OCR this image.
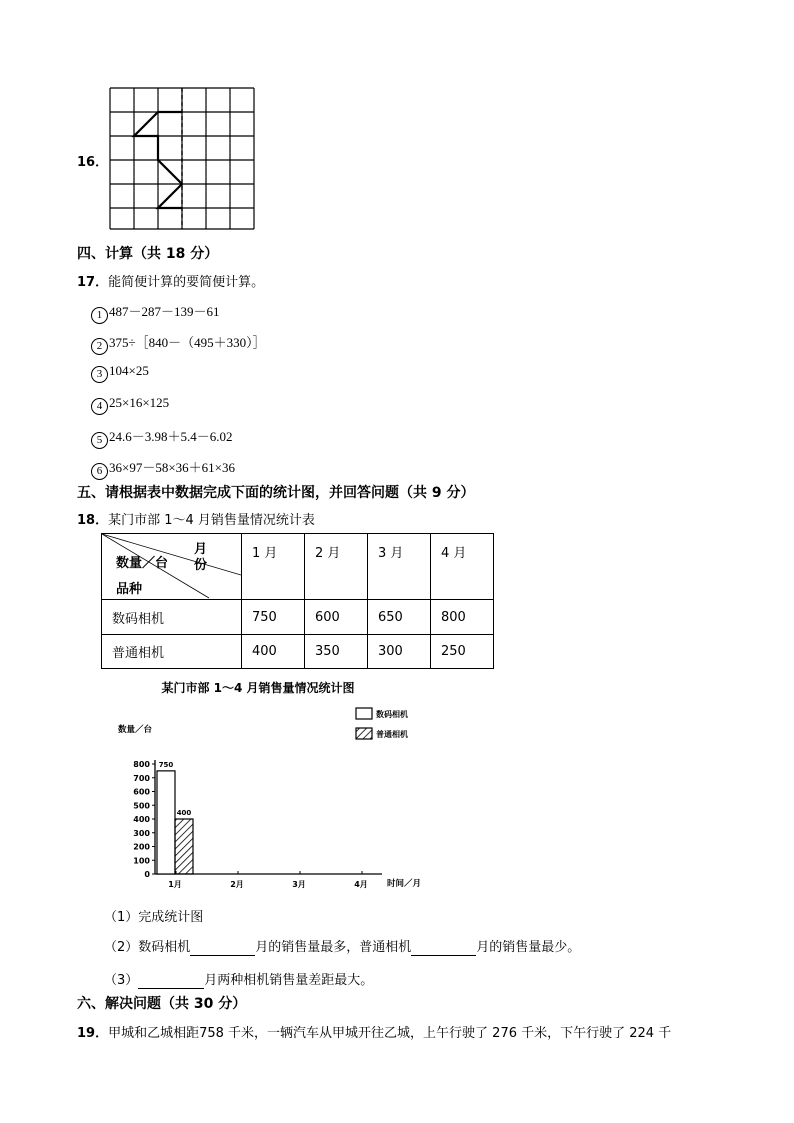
16．
四、计算（共 18 分）
17．能简便计算的要简便计算。
1 487－287－139－61
2 375÷［840－（495＋330）］
3 104×25
4 25×16×125
5 24.6－3.98＋5.4－6.02
6 36×97－58×36＋61×36
五、请根据表中数据完成下面的统计图，并回答问题（共 9 分）
18．某门市部 1～4 月销售量情况统计表
月
份
数量／台
品种	1 月	2 月	3 月	4 月
数码相机	750	600	650	800
普通相机	400	350	300	250
某门市部 1～4 月销售量情况统计图
数量／台
时间／月
数码相机
普通相机
0
100
200
300
400
500
600
700
800
1月	2月	3月	4月
750
400
（1）完成统计图
（2）数码相机	月的销售量最多，普通相机	月的销售量最少。
（3）	月两种相机销售量差距最大。
六、解决问题（共 30 分）
19．甲城和乙城相距758 千米，一辆汽车从甲城开往乙城，上午行驶了 276 千米，下午行驶了 224 千
